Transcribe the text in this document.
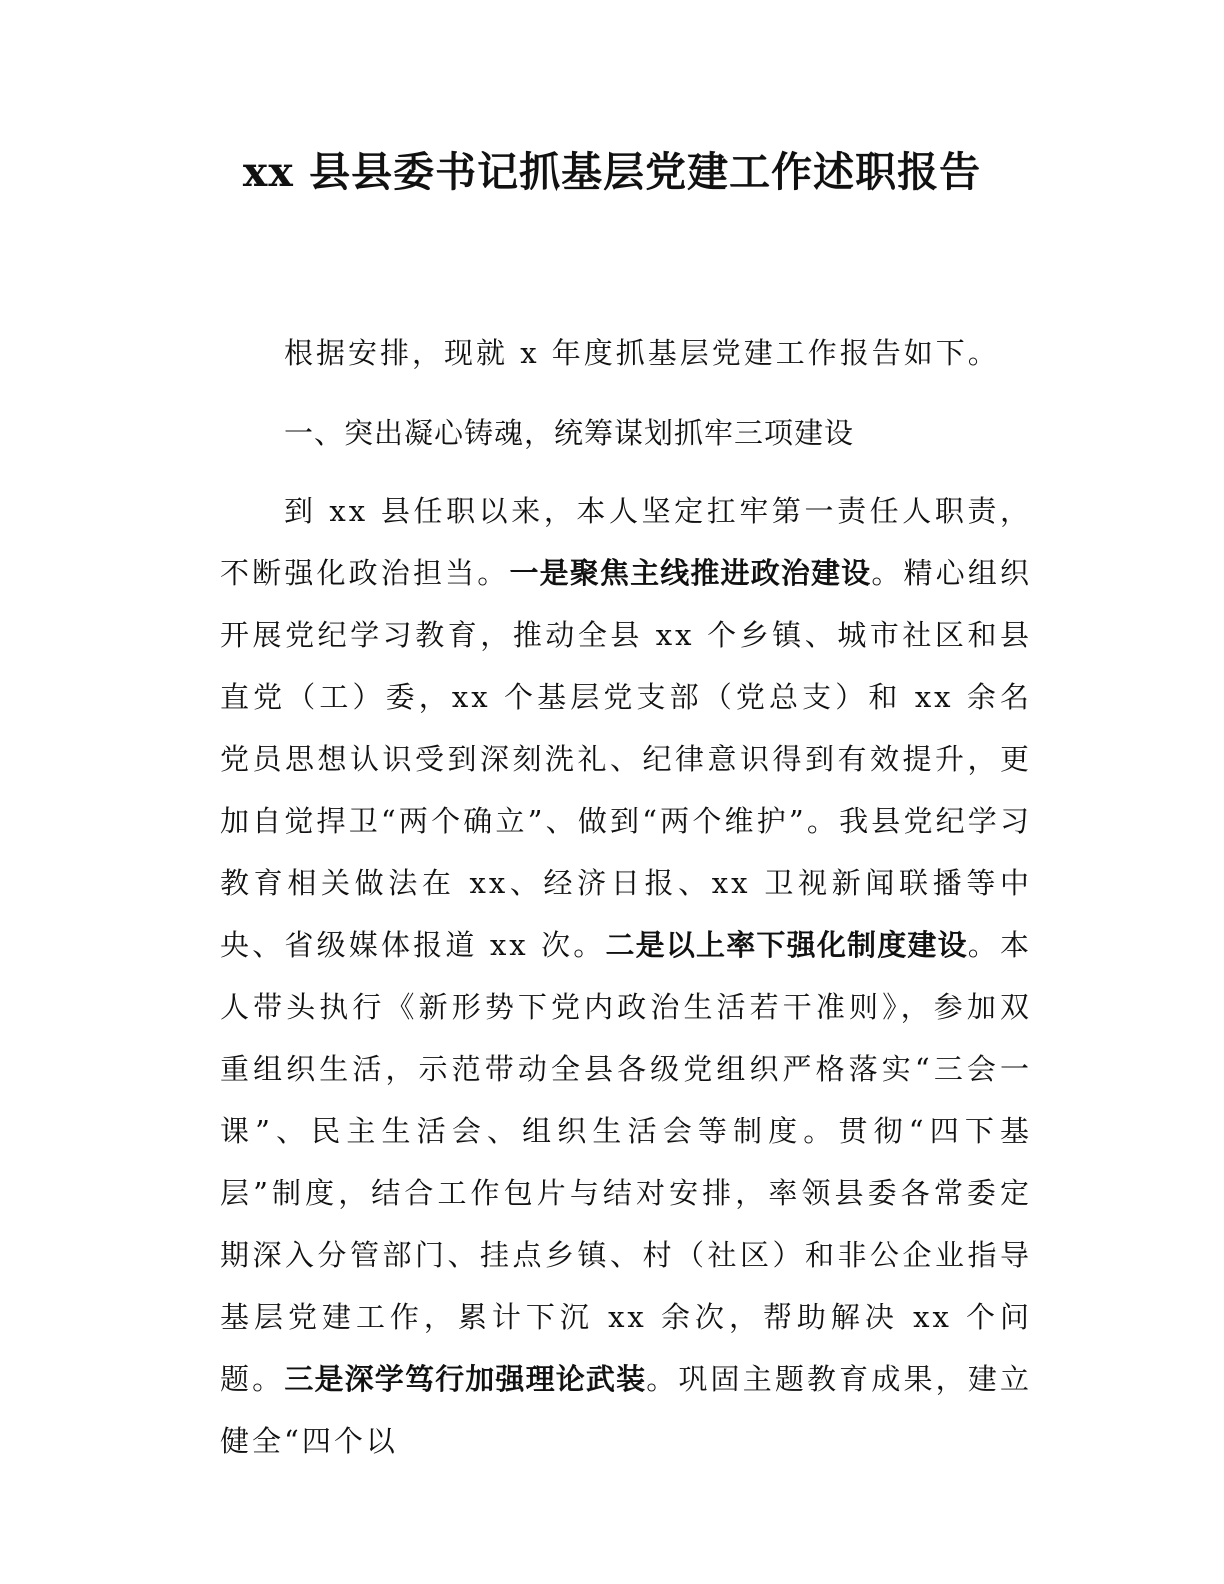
xx 县县委书记抓基层党建工作述职报告

根据安排，现就 x 年度抓基层党建工作报告如下。

一、突出凝心铸魂，统筹谋划抓牢三项建设

到 xx 县任职以来，本人坚定扛牢第一责任人职责，不断强化政治担当。一是聚焦主线推进政治建设。精心组织开展党纪学习教育，推动全县 xx 个乡镇、城市社区和县直党（工）委，xx 个基层党支部（党总支）和 xx 余名党员思想认识受到深刻洗礼、纪律意识得到有效提升，更加自觉捍卫“两个确立”、做到“两个维护”。我县党纪学习教育相关做法在 xx、经济日报、xx 卫视新闻联播等中央、省级媒体报道 xx 次。二是以上率下强化制度建设。本人带头执行《新形势下党内政治生活若干准则》，参加双重组织生活，示范带动全县各级党组织严格落实“三会一课”、民主生活会、组织生活会等制度。贯彻“四下基层”制度，结合工作包片与结对安排，率领县委各常委定期深入分管部门、挂点乡镇、村（社区）和非公企业指导基层党建工作，累计下沉 xx 余次，帮助解决 xx 个问题。三是深学笃行加强理论武装。巩固主题教育成果，建立健全“四个以
